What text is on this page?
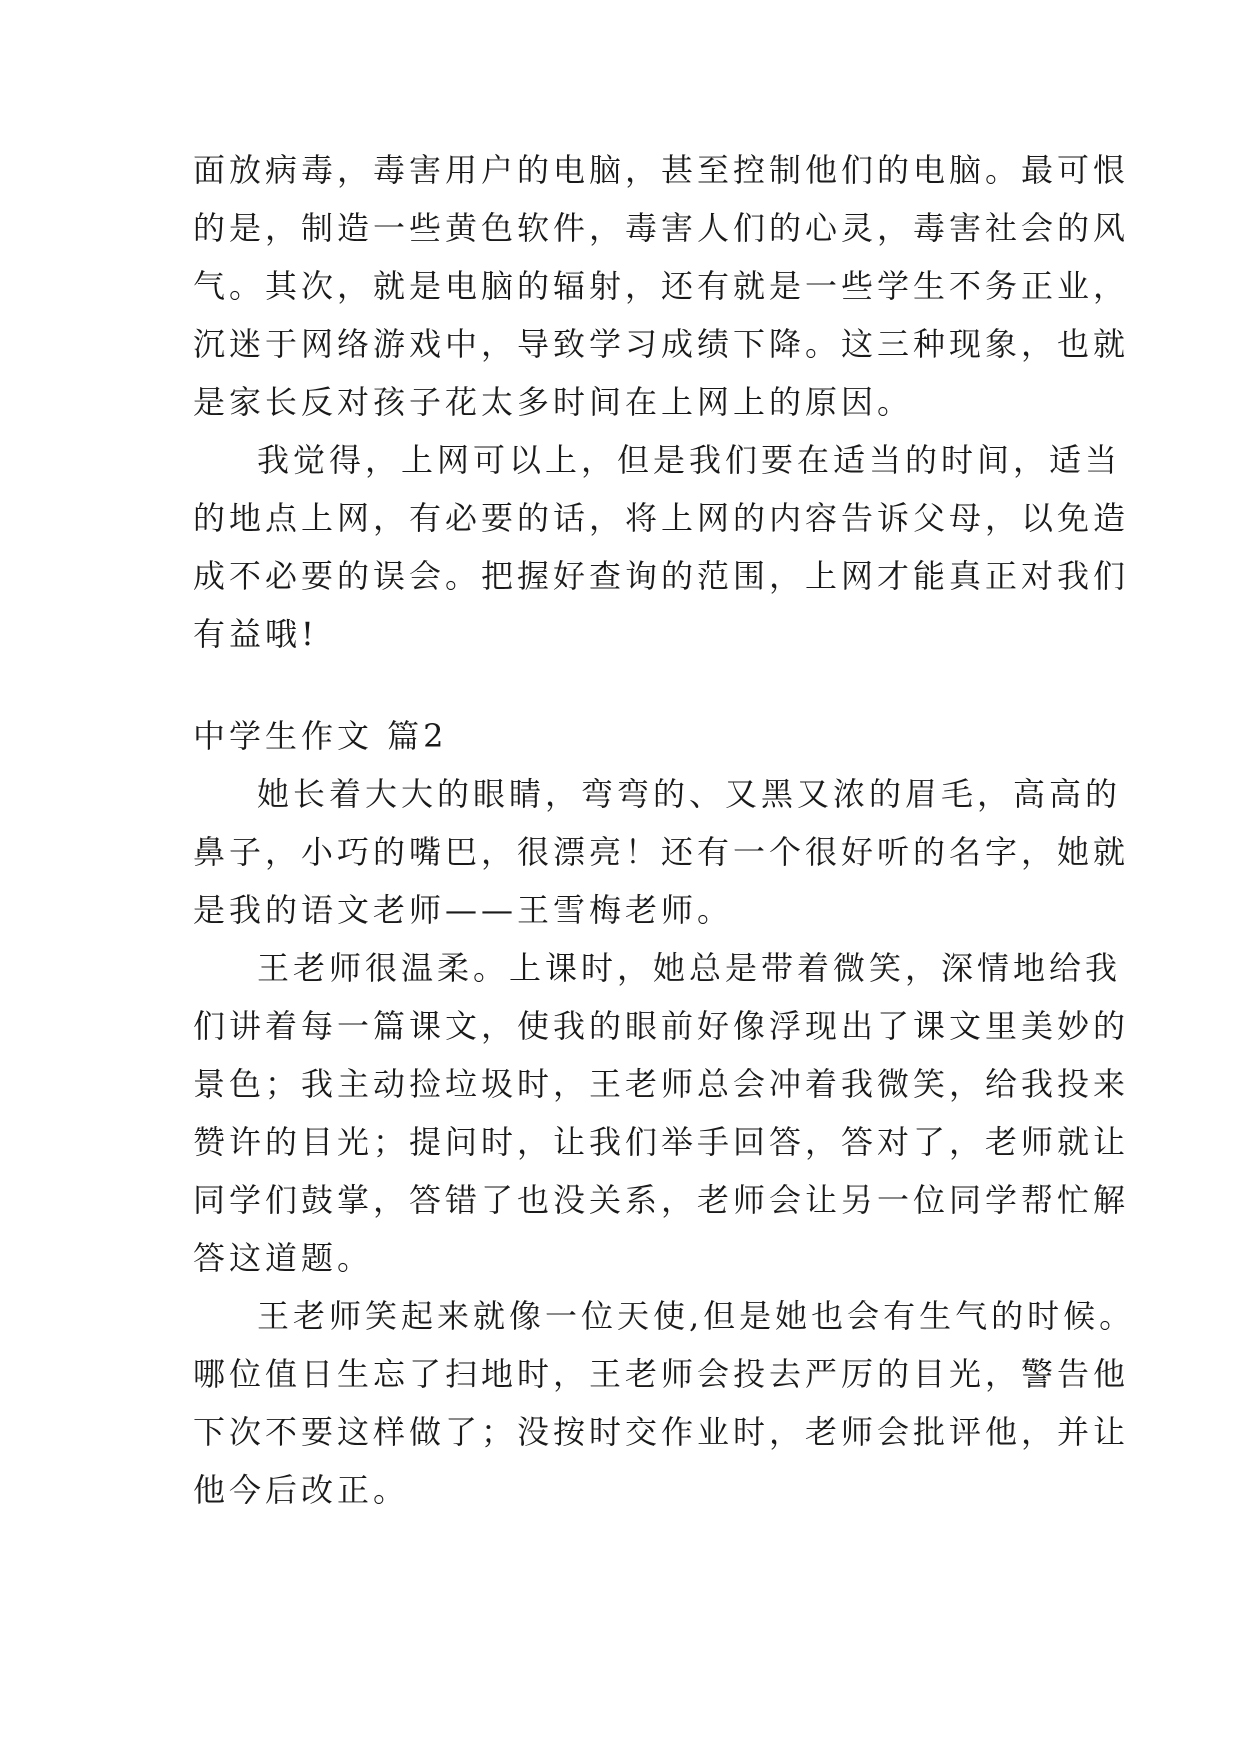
面放病毒，毒害用户的电脑，甚至控制他们的电脑。最可恨
的是，制造一些黄色软件，毒害人们的心灵，毒害社会的风
气。其次，就是电脑的辐射，还有就是一些学生不务正业，
沉迷于网络游戏中，导致学习成绩下降。这三种现象，也就
是家长反对孩子花太多时间在上网上的原因。
我觉得，上网可以上，但是我们要在适当的时间，适当
的地点上网，有必要的话，将上网的内容告诉父母，以免造
成不必要的误会。把握好查询的范围，上网才能真正对我们
有益哦!
中学生作文 篇2
她长着大大的眼睛，弯弯的、又黑又浓的眉毛，高高的
鼻子，小巧的嘴巴，很漂亮！还有一个很好听的名字，她就
是我的语文老师——王雪梅老师。
王老师很温柔。上课时，她总是带着微笑，深情地给我
们讲着每一篇课文，使我的眼前好像浮现出了课文里美妙的
景色；我主动捡垃圾时，王老师总会冲着我微笑，给我投来
赞许的目光；提问时，让我们举手回答，答对了，老师就让
同学们鼓掌，答错了也没关系，老师会让另一位同学帮忙解
答这道题。
王老师笑起来就像一位天使,但是她也会有生气的时候。
哪位值日生忘了扫地时，王老师会投去严厉的目光，警告他
下次不要这样做了；没按时交作业时，老师会批评他，并让
他今后改正。
